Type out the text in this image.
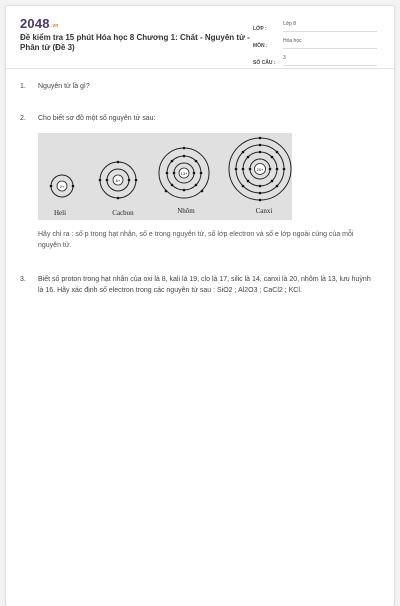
2048.vn
Đề kiểm tra 15 phút Hóa học 8 Chương 1: Chất - Nguyên tử - Phân tử (Đề 3)
LỚP :
Lớp 8
MÔN :
Hóa học
SỐ CÂU :
3
1. Nguyên tử là gì?
2. Cho biết sơ đồ một số nguyên tử sau:
2+
Heli
6+
Cacbon
13+
Nhôm
20+
Canxi
Hãy chỉ ra : số p trong hạt nhân, số e trong nguyên tử, số lớp electron và số e lớp ngoài cùng của mỗi nguyên tử.
3. Biết số proton trong hạt nhân của oxi là 8, kali là 19, clo là 17, silic là 14, canxi là 20, nhôm là 13, lưu huỳnh là 16. Hãy xác định số electron trong các nguyên tử sau : SiO2 ; Al2O3 ; CaCl2 ; KCl.
